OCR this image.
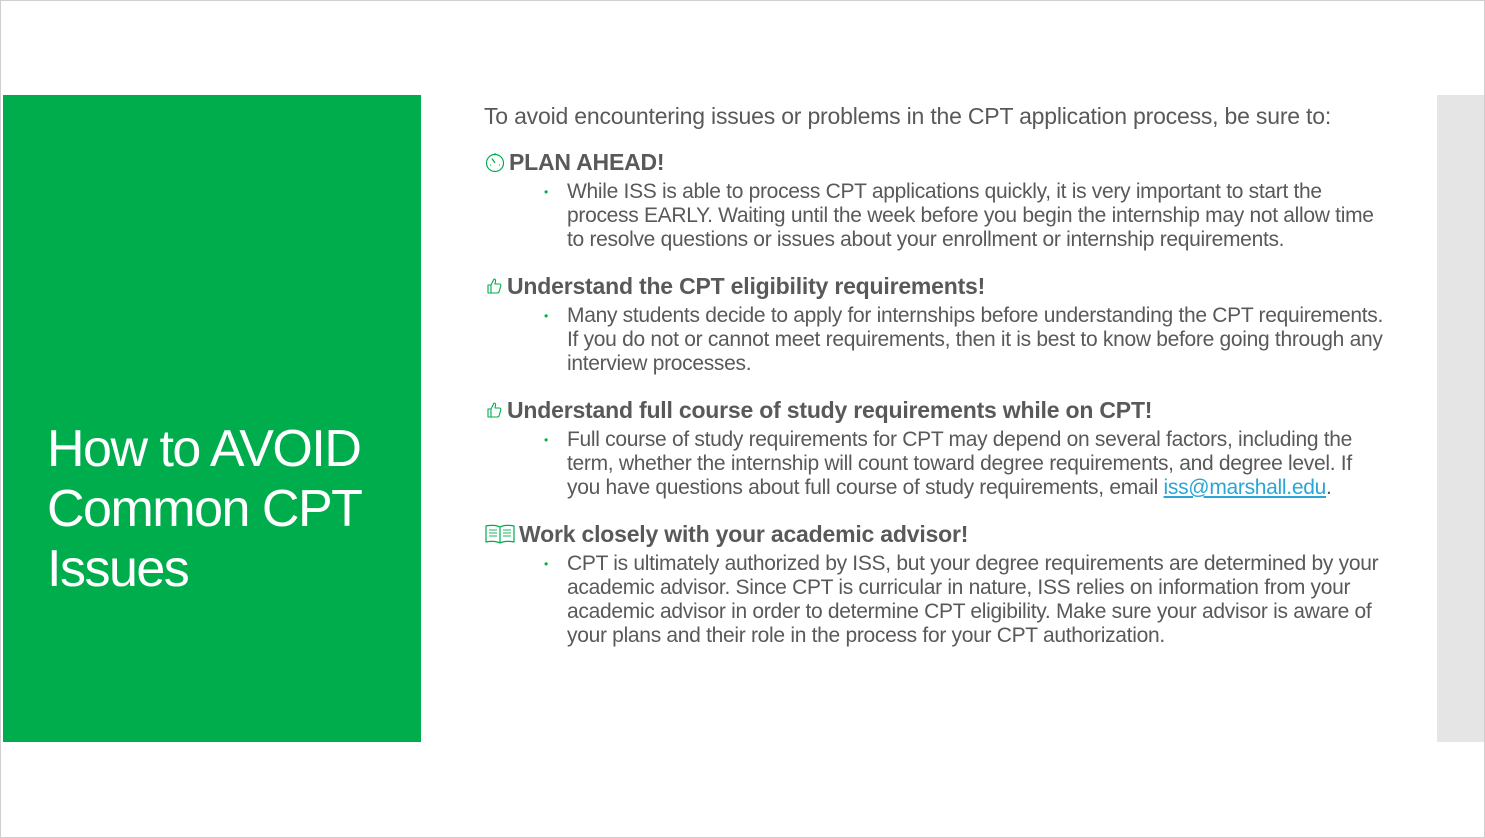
How to AVOID
Common CPT
Issues
To avoid encountering issues or problems in the CPT application process, be sure to:
PLAN AHEAD!
• While ISS is able to process CPT applications quickly, it is very important to start the process EARLY. Waiting until the week before you begin the internship may not allow time to resolve questions or issues about your enrollment or internship requirements.
Understand the CPT eligibility requirements!
• Many students decide to apply for internships before understanding the CPT requirements. If you do not or cannot meet requirements, then it is best to know before going through any interview processes.
Understand full course of study requirements while on CPT!
• Full course of study requirements for CPT may depend on several factors, including the term, whether the internship will count toward degree requirements, and degree level. If you have questions about full course of study requirements, email iss@marshall.edu.
Work closely with your academic advisor!
• CPT is ultimately authorized by ISS, but your degree requirements are determined by your academic advisor. Since CPT is curricular in nature, ISS relies on information from your academic advisor in order to determine CPT eligibility. Make sure your advisor is aware of your plans and their role in the process for your CPT authorization.
